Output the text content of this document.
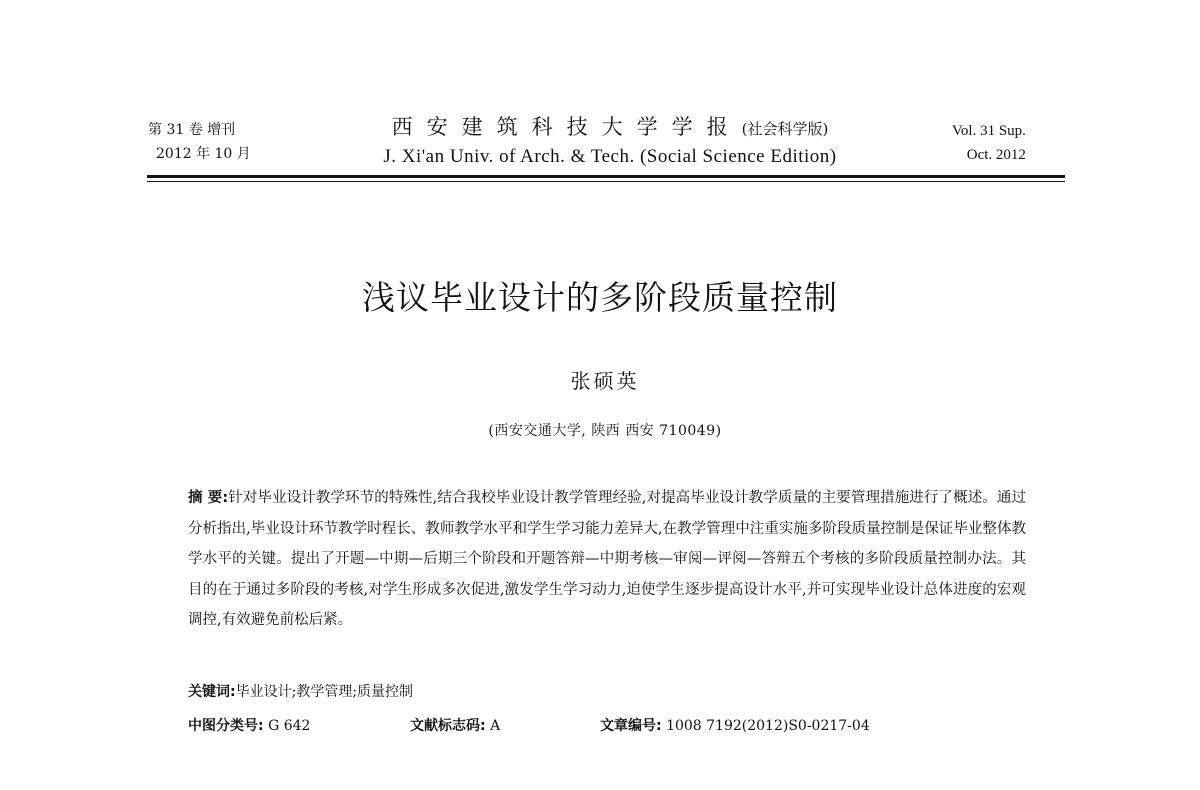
第 31 卷 增刊
2012 年 10 月
西安建筑科技大学学报(社会科学版)
J. Xi'an Univ. of Arch. & Tech. (Social Science Edition)
Vol. 31 Sup.
Oct. 2012
浅议毕业设计的多阶段质量控制
张硕英
(西安交通大学, 陕西 西安 710049)
摘 要:针对毕业设计教学环节的特殊性,结合我校毕业设计教学管理经验,对提高毕业设计教学质量的主要管理措施进行了概述。通过分析指出,毕业设计环节教学时程长、教师教学水平和学生学习能力差异大,在教学管理中注重实施多阶段质量控制是保证毕业整体教学水平的关键。提出了开题—中期—后期三个阶段和开题答辩—中期考核—审阅—评阅—答辩五个考核的多阶段质量控制办法。其目的在于通过多阶段的考核,对学生形成多次促进,激发学生学习动力,迫使学生逐步提高设计水平,并可实现毕业设计总体进度的宏观调控,有效避免前松后紧。
关键词:毕业设计;教学管理;质量控制
中图分类号: G 642	文献标志码: A	文章编号: 1008 7192(2012)S0-0217-04
